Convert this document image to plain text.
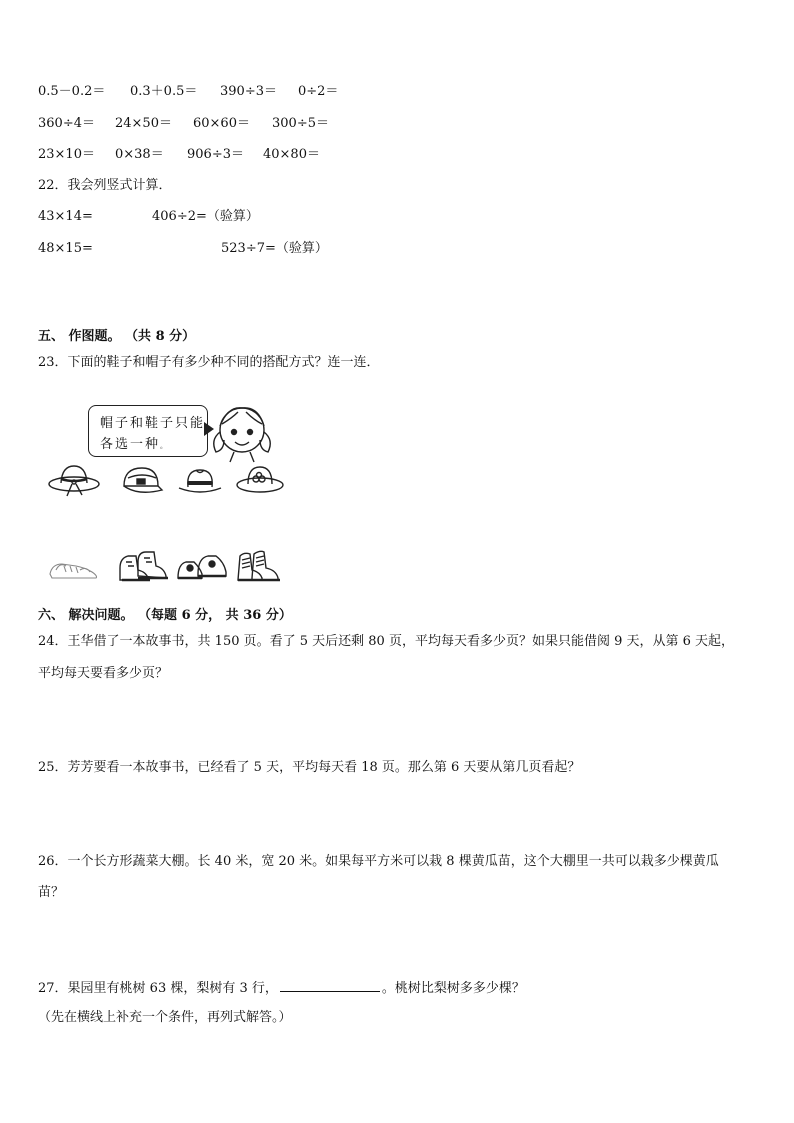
0.5－0.2＝ 0.3＋0.5＝ 390÷3＝ 0÷2＝
360÷4＝ 24×50＝ 60×60＝ 300÷5＝
23×10＝ 0×38＝ 906÷3＝ 40×80＝
22．我会列竖式计算．
43×14=	406÷2=（验算）
48×15=	523÷7=（验算）
五、 作图题。 （共 8 分）
23．下面的鞋子和帽子有多少种不同的搭配方式？连一连．
帽子和鞋子只能
各选一种。
六、 解决问题。 （每题 6 分， 共 36 分）
24．王华借了一本故事书，共 150 页。看了 5 天后还剩 80 页，平均每天看多少页？如果只能借阅 9 天，从第 6 天起，
平均每天要看多少页？
25．芳芳要看一本故事书，已经看了 5 天，平均每天看 18 页。那么第 6 天要从第几页看起？
26．一个长方形蔬菜大棚。长 40 米，宽 20 米。如果每平方米可以栽 8 棵黄瓜苗，这个大棚里一共可以栽多少棵黄瓜
苗？
27．果园里有桃树 63 棵，梨树有 3 行，	。桃树比梨树多多少棵？
（先在横线上补充一个条件，再列式解答。）
